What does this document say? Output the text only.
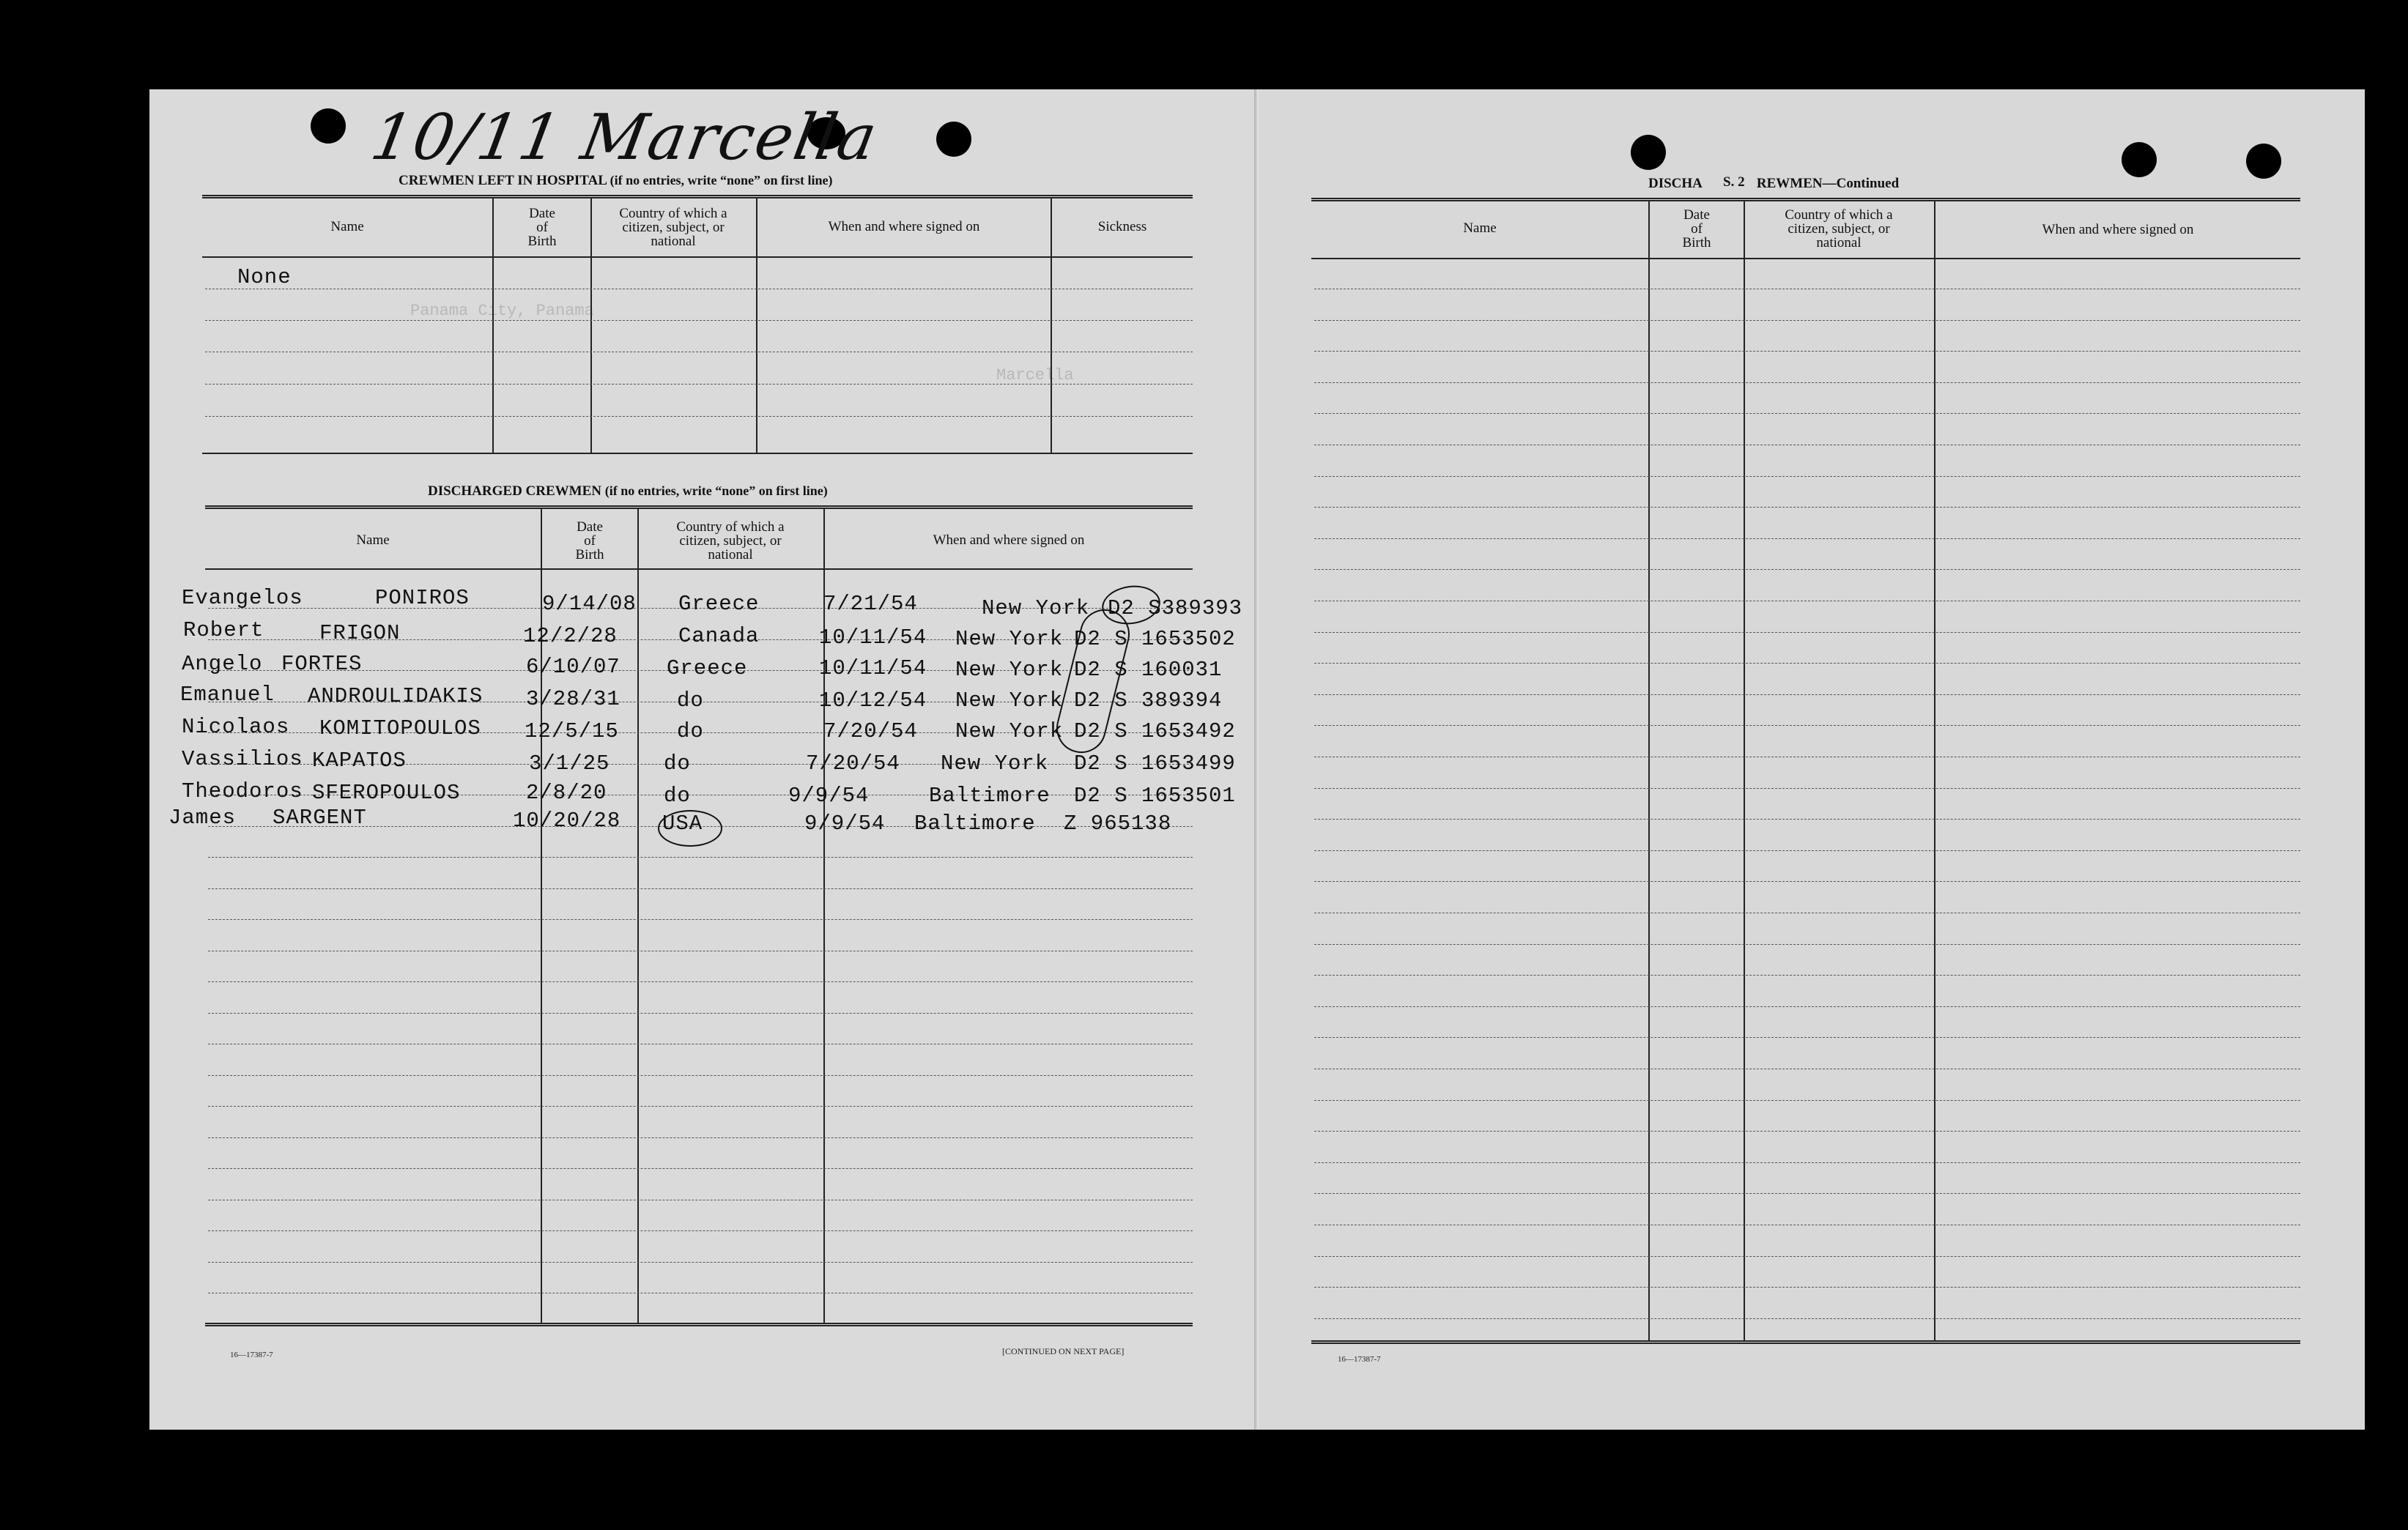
10/11 Marcella
Panama City, Panama
Marcella
CREWMEN LEFT IN HOSPITAL (if no entries, write “none” on first line)
Name
Date
of
Birth
Country of which a
citizen, subject, or
national
When and where signed on	Sickness
None
DISCHARGED CREWMEN (if no entries, write “none” on first line)
Name
Date
of
Birth
Country of which a
citizen, subject, or
national
When and where signed on
Evangelos	PONIROS	9/14/08 Greece	7/21/54	New York D2 S389393
Robert	FRIGON	12/2/28	Canada	10/11/54 New York D2 S 1653502
Angelo FORTES	6/10/07 Greece	10/11/54 New York D2 S 160031
Emanuel ANDROULIDAKIS 3/28/31	do	10/12/54 New York D2 S 389394
Nicolaos KOMITOPOULOS 12/5/15	do	7/20/54 New York D2 S 1653492
Vassilios KAPATOS	3/1/25	do	7/20/54 New York D2 S 1653499
Theodoros SFEROPOULOS	2/8/20	do	9/9/54	Baltimore D2 S 1653501
James SARGENT	10/20/28 USA	9/9/54 Baltimore Z 965138
16—17387-7	[CONTINUED ON NEXT PAGE]
S. 2
DISCHA	REWMEN—Continued
Name
Date
of
Birth
Country of which a
citizen, subject, or
national
When and where signed on
16—17387-7
